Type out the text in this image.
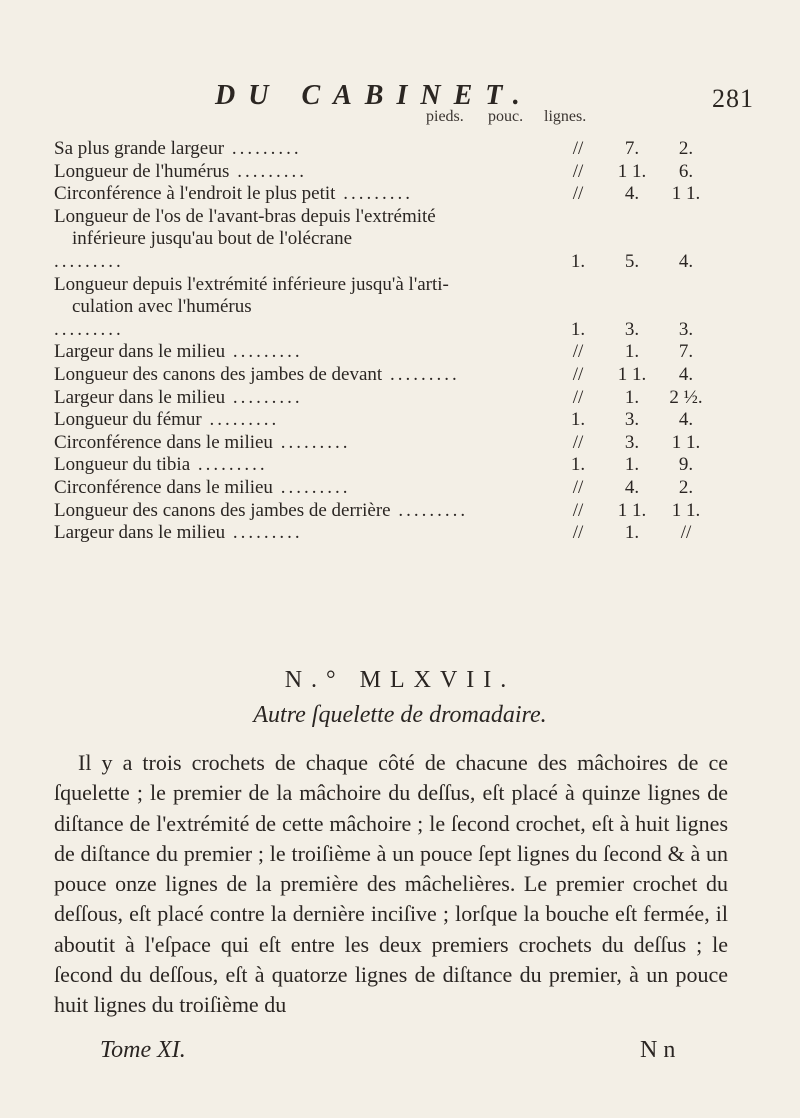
DU CABINET.	281
pieds. pouc. lignes.
Sa plus grande largeur .........	//	7.	2.
Longueur de l'humérus .........	//	1 1.	6.
Circonférence à l'endroit le plus petit .........	//	4.	1 1.
Longueur de l'os de l'avant-bras depuis l'extrémité

inférieure jusqu'au bout de l'olécrane
.........	1.	5.	4.
Longueur depuis l'extrémité inférieure jusqu'à l'arti-

culation avec l'humérus
.........	1.	3.	3.
Largeur dans le milieu .........	//	1.	7.
Longueur des canons des jambes de devant .........	//	1 1.	4.
Largeur dans le milieu .........	//	1.	2 ½.
Longueur du fémur .........	1.	3.	4.
Circonférence dans le milieu .........	//	3.	1 1.
Longueur du tibia .........	1.	1.	9.
Circonférence dans le milieu .........	//	4.	2.
Longueur des canons des jambes de derrière .........	//	1 1.	1 1.
Largeur dans le milieu .........	//	1.	//
N.° MLXVII.
Autre ſquelette de dromadaire.

Il y a trois crochets de chaque côté de chacune des mâchoires de ce ſquelette ; le premier de la mâchoire du deſſus, eſt placé à quinze lignes de diſtance de l'extrémité de cette mâchoire ; le ſecond crochet, eſt à huit lignes de diſtance du premier ; le troiſième à un pouce ſept lignes du ſecond & à un pouce onze lignes de la première des mâchelières. Le premier crochet du deſſous, eſt placé contre la dernière inciſive ; lorſque la bouche eſt fermée, il aboutit à l'eſpace qui eſt entre les deux premiers crochets du deſſus ; le ſecond du deſſous, eſt à quatorze lignes de diſtance du premier, à un pouce huit lignes du troiſième du

Tome XI.	N n
